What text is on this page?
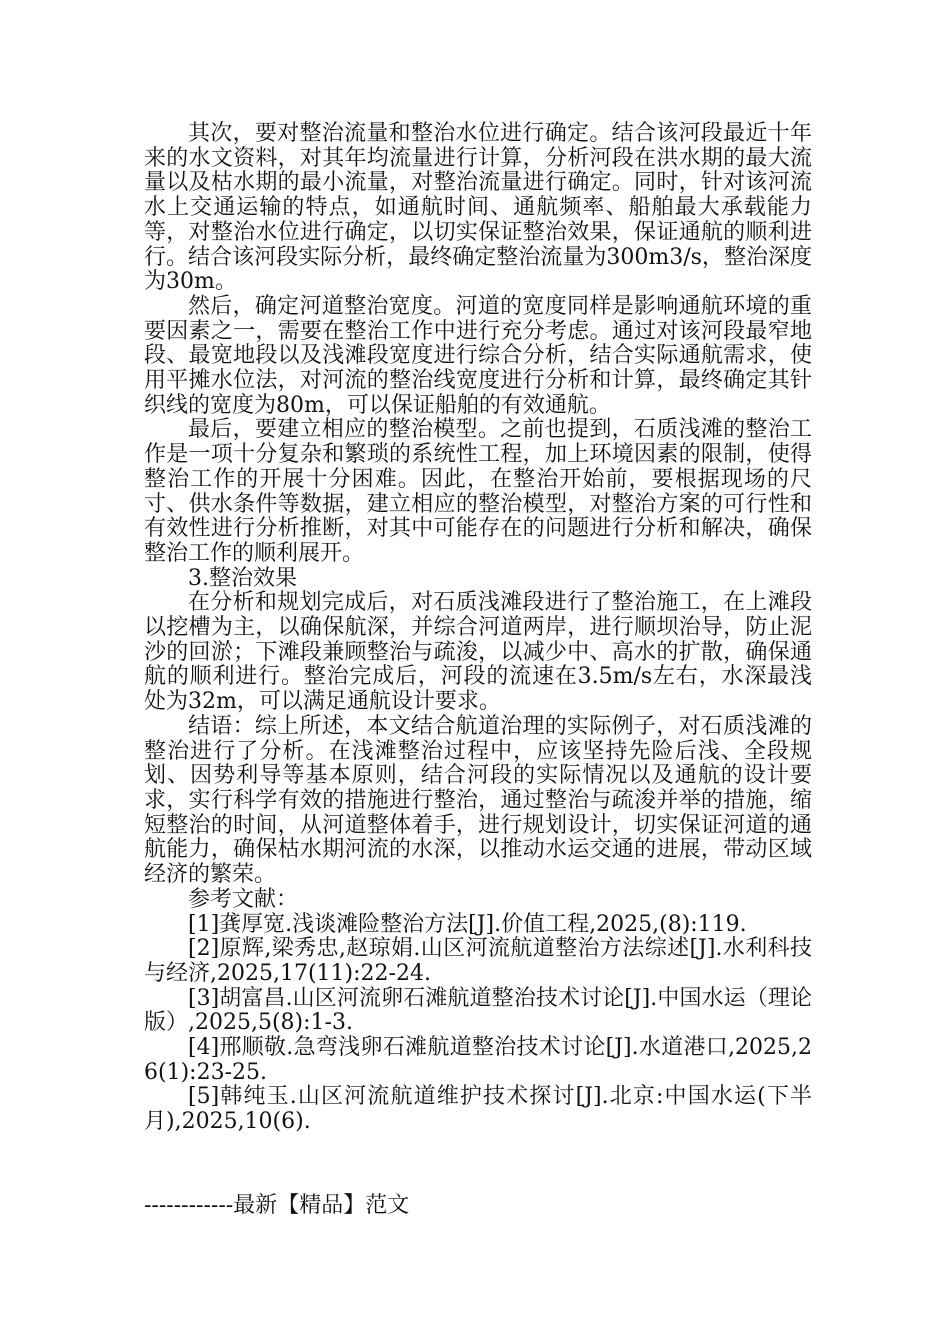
其次，要对整治流量和整治水位进行确定。结合该河段最近十年来的水文资料，对其年均流量进行计算，分析河段在洪水期的最大流量以及枯水期的最小流量，对整治流量进行确定。同时，针对该河流水上交通运输的特点，如通航时间、通航频率、船舶最大承载能力等，对整治水位进行确定，以切实保证整治效果，保证通航的顺利进行。结合该河段实际分析，最终确定整治流量为300m3/s，整治深度为30m。

然后，确定河道整治宽度。河道的宽度同样是影响通航环境的重要因素之一，需要在整治工作中进行充分考虑。通过对该河段最窄地段、最宽地段以及浅滩段宽度进行综合分析，结合实际通航需求，使用平摊水位法，对河流的整治线宽度进行分析和计算，最终确定其针织线的宽度为80m，可以保证船舶的有效通航。

最后，要建立相应的整治模型。之前也提到，石质浅滩的整治工作是一项十分复杂和繁琐的系统性工程，加上环境因素的限制，使得整治工作的开展十分困难。因此，在整治开始前，要根据现场的尺寸、供水条件等数据，建立相应的整治模型，对整治方案的可行性和有效性进行分析推断，对其中可能存在的问题进行分析和解决，确保整治工作的顺利展开。

3.整治效果

在分析和规划完成后，对石质浅滩段进行了整治施工，在上滩段以挖槽为主，以确保航深，并综合河道两岸，进行顺坝治导，防止泥沙的回淤；下滩段兼顾整治与疏浚，以减少中、高水的扩散，确保通航的顺利进行。整治完成后，河段的流速在3.5m/s左右，水深最浅处为32m，可以满足通航设计要求。

结语：综上所述，本文结合航道治理的实际例子，对石质浅滩的整治进行了分析。在浅滩整治过程中，应该坚持先险后浅、全段规划、因势利导等基本原则，结合河段的实际情况以及通航的设计要求，实行科学有效的措施进行整治，通过整治与疏浚并举的措施，缩短整治的时间，从河道整体着手，进行规划设计，切实保证河道的通航能力，确保枯水期河流的水深，以推动水运交通的进展，带动区域经济的繁荣。

参考文献：

[1]龚厚宽.浅谈滩险整治方法[J].价值工程,2025,(8):119.

[2]原辉,梁秀忠,赵琼娟.山区河流航道整治方法综述[J].水利科技与经济,2025,17(11):22-24.

[3]胡富昌.山区河流卵石滩航道整治技术讨论[J].中国水运（理论版）,2025,5(8):1-3.

[4]邢顺敬.急弯浅卵石滩航道整治技术讨论[J].水道港口,2025,26(1):23-25.

[5]韩纯玉.山区河流航道维护技术探讨[J].北京:中国水运(下半月),2025,10(6).

------------最新【精品】范文
